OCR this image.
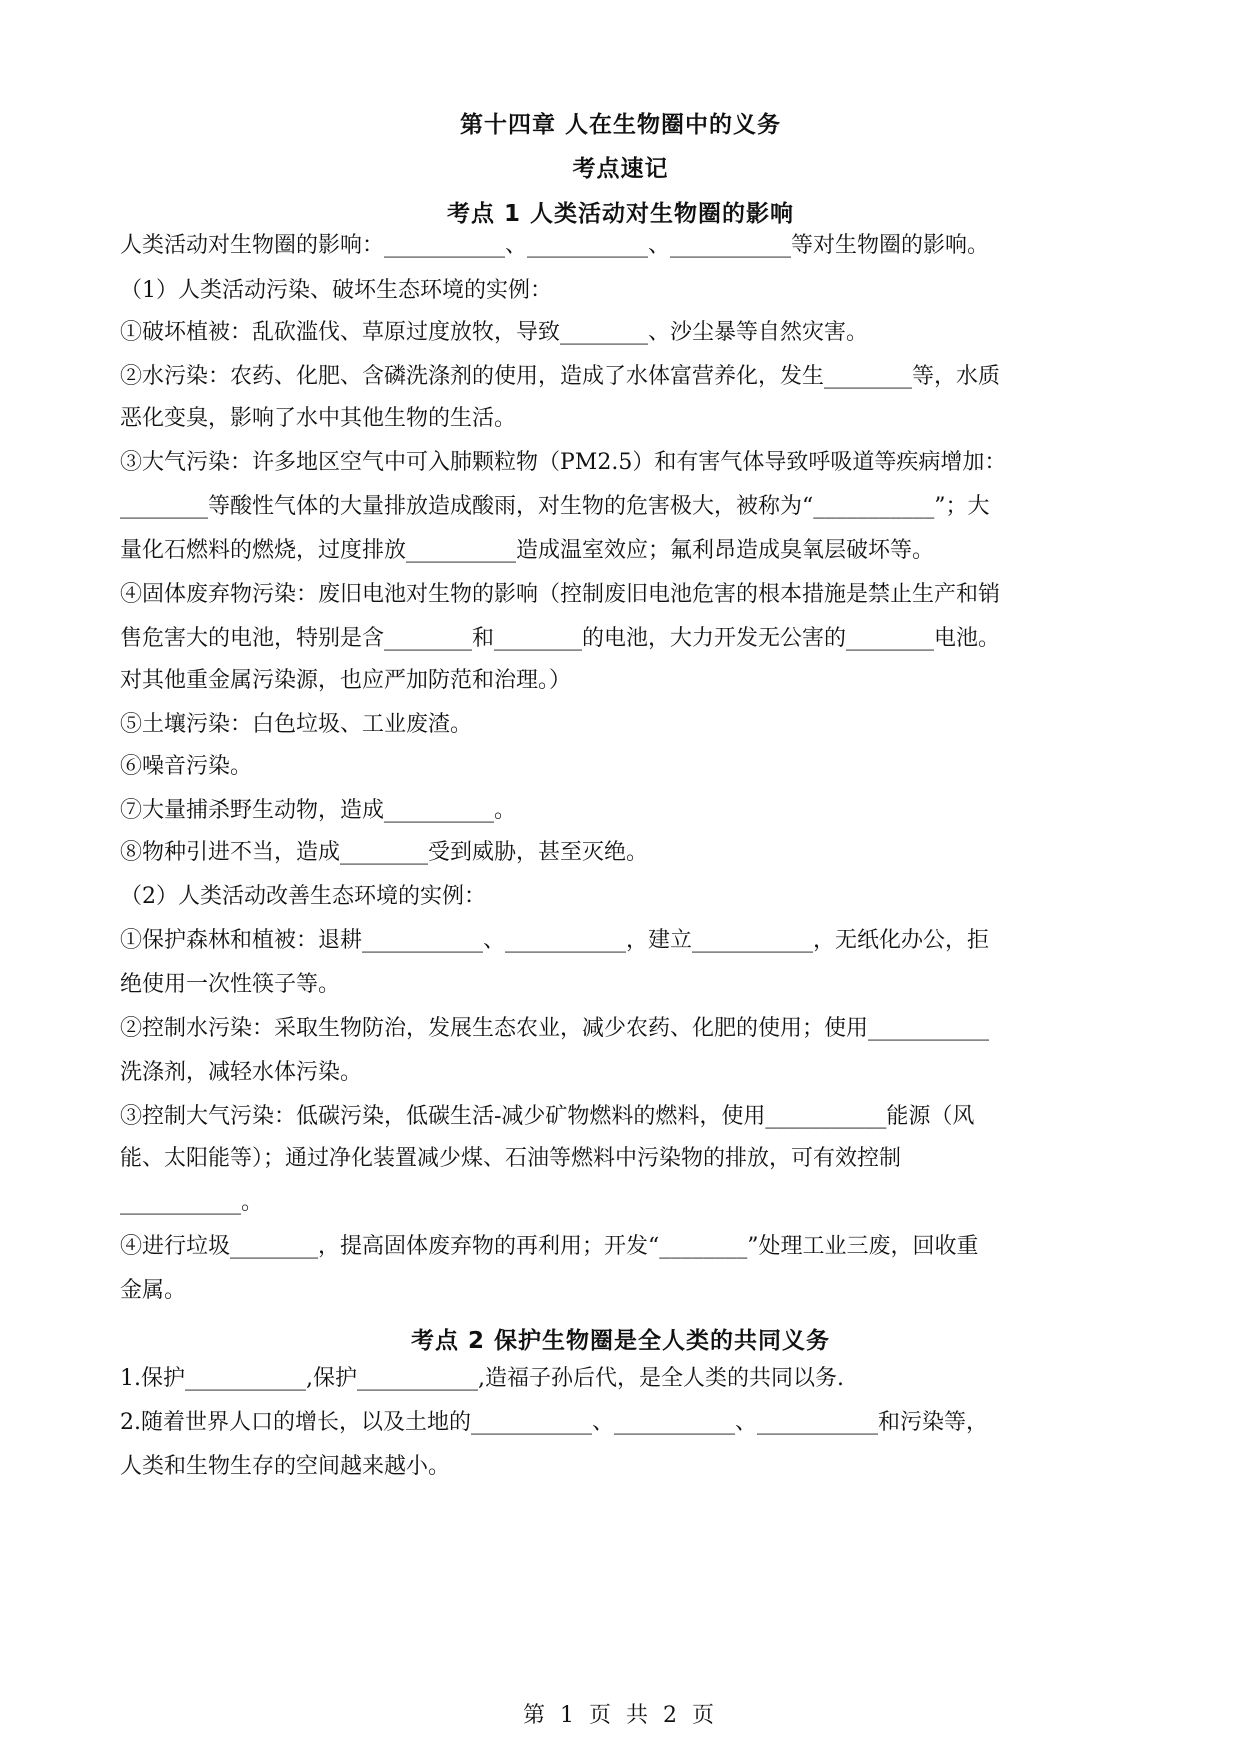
第十四章 人在生物圈中的义务
考点速记
考点 1 人类活动对生物圈的影响
人类活动对生物圈的影响：___________、___________、___________等对生物圈的影响。
（1）人类活动污染、破坏生态环境的实例：
①破坏植被：乱砍滥伐、草原过度放牧，导致________、沙尘暴等自然灾害。
②水污染：农药、化肥、含磷洗涤剂的使用，造成了水体富营养化，发生________等，水质
恶化变臭，影响了水中其他生物的生活。
③大气污染：许多地区空气中可入肺颗粒物（PM2.5）和有害气体导致呼吸道等疾病增加：
________等酸性气体的大量排放造成酸雨，对生物的危害极大，被称为“___________”；大
量化石燃料的燃烧，过度排放__________造成温室效应；氟利昂造成臭氧层破坏等。
④固体废弃物污染：废旧电池对生物的影响（控制废旧电池危害的根本措施是禁止生产和销
售危害大的电池，特别是含________和________的电池，大力开发无公害的________电池。
对其他重金属污染源，也应严加防范和治理。）
⑤土壤污染：白色垃圾、工业废渣。
⑥噪音污染。
⑦大量捕杀野生动物，造成__________。
⑧物种引进不当，造成________受到威胁，甚至灭绝。
（2）人类活动改善生态环境的实例：
①保护森林和植被：退耕___________、___________，建立___________，无纸化办公，拒
绝使用一次性筷子等。
②控制水污染：采取生物防治，发展生态农业，减少农药、化肥的使用；使用___________
洗涤剂，减轻水体污染。
③控制大气污染：低碳污染，低碳生活-减少矿物燃料的燃料，使用___________能源（风
能、太阳能等）；通过净化装置减少煤、石油等燃料中污染物的排放，可有效控制
___________。
④进行垃圾________，提高固体废弃物的再利用；开发“________”处理工业三废，回收重
金属。
考点 2 保护生物圈是全人类的共同义务
1.保护___________,保护___________,造福子孙后代，是全人类的共同以务.
2.随着世界人口的增长，以及土地的___________、___________、___________和污染等，
人类和生物生存的空间越来越小。
第 1 页 共 2 页
